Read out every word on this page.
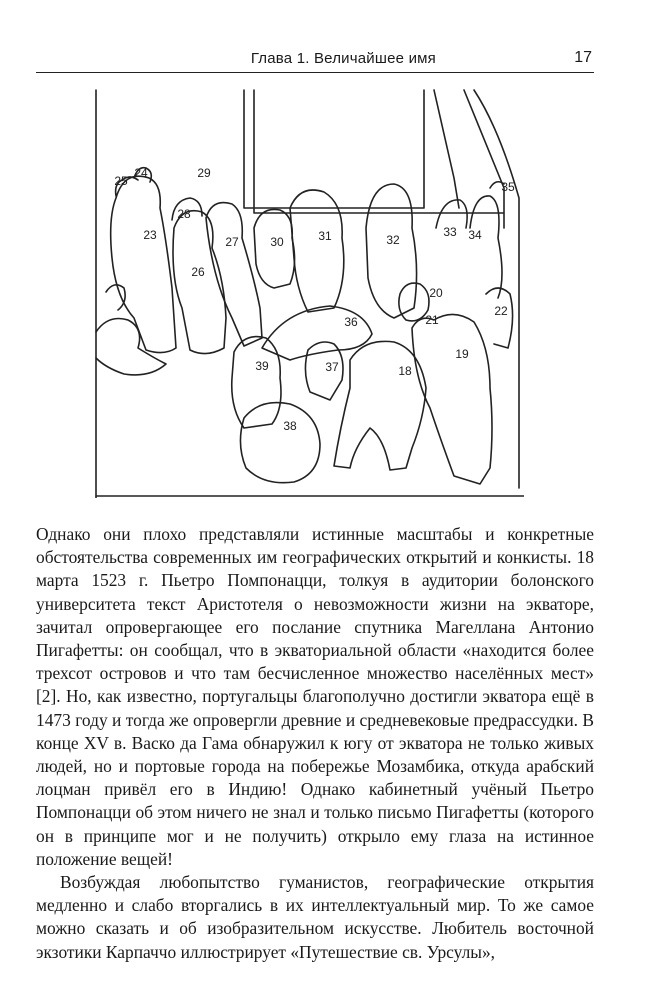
Глава 1. Величайшее имя	17
23
24
25
26
27
28
29
30	31	32
33 34
35
36
37
38
39	18
19
20
21
22

Однако они плохо представляли истинные масштабы и конкретные обстоятельства современных им географических открытий и конкисты. 18 марта 1523 г. Пьетро Помпонацци, толкуя в аудитории болонского университета текст Аристотеля о невозможности жизни на экваторе, зачитал опровергающее его послание спутника Магеллана Антонио Пигафетты: он сообщал, что в экваториальной области «находится более трехсот островов и что там бесчисленное множество населённых мест» [2]. Но, как известно, португальцы благополучно достигли экватора ещё в 1473 году и тогда же опровергли древние и средневековые предрассудки. В конце XV в. Васко да Гама обнаружил к югу от экватора не только живых людей, но и портовые города на побережье Мозамбика, откуда арабский лоцман привёл его в Индию! Однако кабинетный учёный Пьетро Помпонацци об этом ничего не знал и только письмо Пигафетты (которого он в принципе мог и не получить) открыло ему глаза на истинное положение вещей!

Возбуждая любопытство гуманистов, географические открытия медленно и слабо вторгались в их интеллектуальный мир. То же самое можно сказать и об изобразительном искусстве. Любитель восточной экзотики Карпаччо иллюстрирует «Путешествие св. Урсулы»,
